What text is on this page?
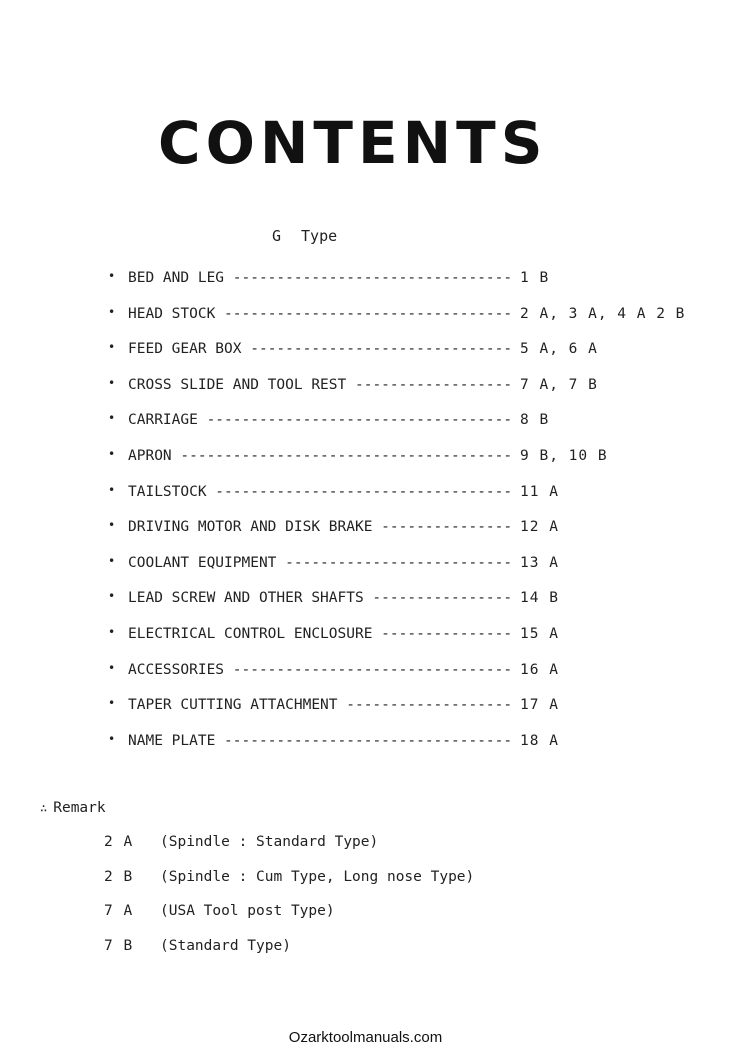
CONTENTS
G Type
• BED AND LEG -------------------------------- 1 B
• HEAD STOCK --------------------------------- 2 A, 3 A, 4 A 2 B
• FEED GEAR BOX ------------------------------ 5 A, 6 A
• CROSS SLIDE AND TOOL REST ------------------ 7 A, 7 B
• CARRIAGE ----------------------------------- 8 B
• APRON -------------------------------------- 9 B, 10 B
• TAILSTOCK ---------------------------------- 11 A
• DRIVING MOTOR AND DISK BRAKE --------------- 12 A
• COOLANT EQUIPMENT -------------------------- 13 A
• LEAD SCREW AND OTHER SHAFTS ---------------- 14 B
• ELECTRICAL CONTROL ENCLOSURE --------------- 15 A
• ACCESSORIES -------------------------------- 16 A
• TAPER CUTTING ATTACHMENT ------------------- 17 A
• NAME PLATE --------------------------------- 18 A
∴ Remark
2 A (Spindle : Standard Type)
2 B (Spindle : Cum Type, Long nose Type)
7 A (USA Tool post Type)
7 B (Standard Type)
Ozarktoolmanuals.com
